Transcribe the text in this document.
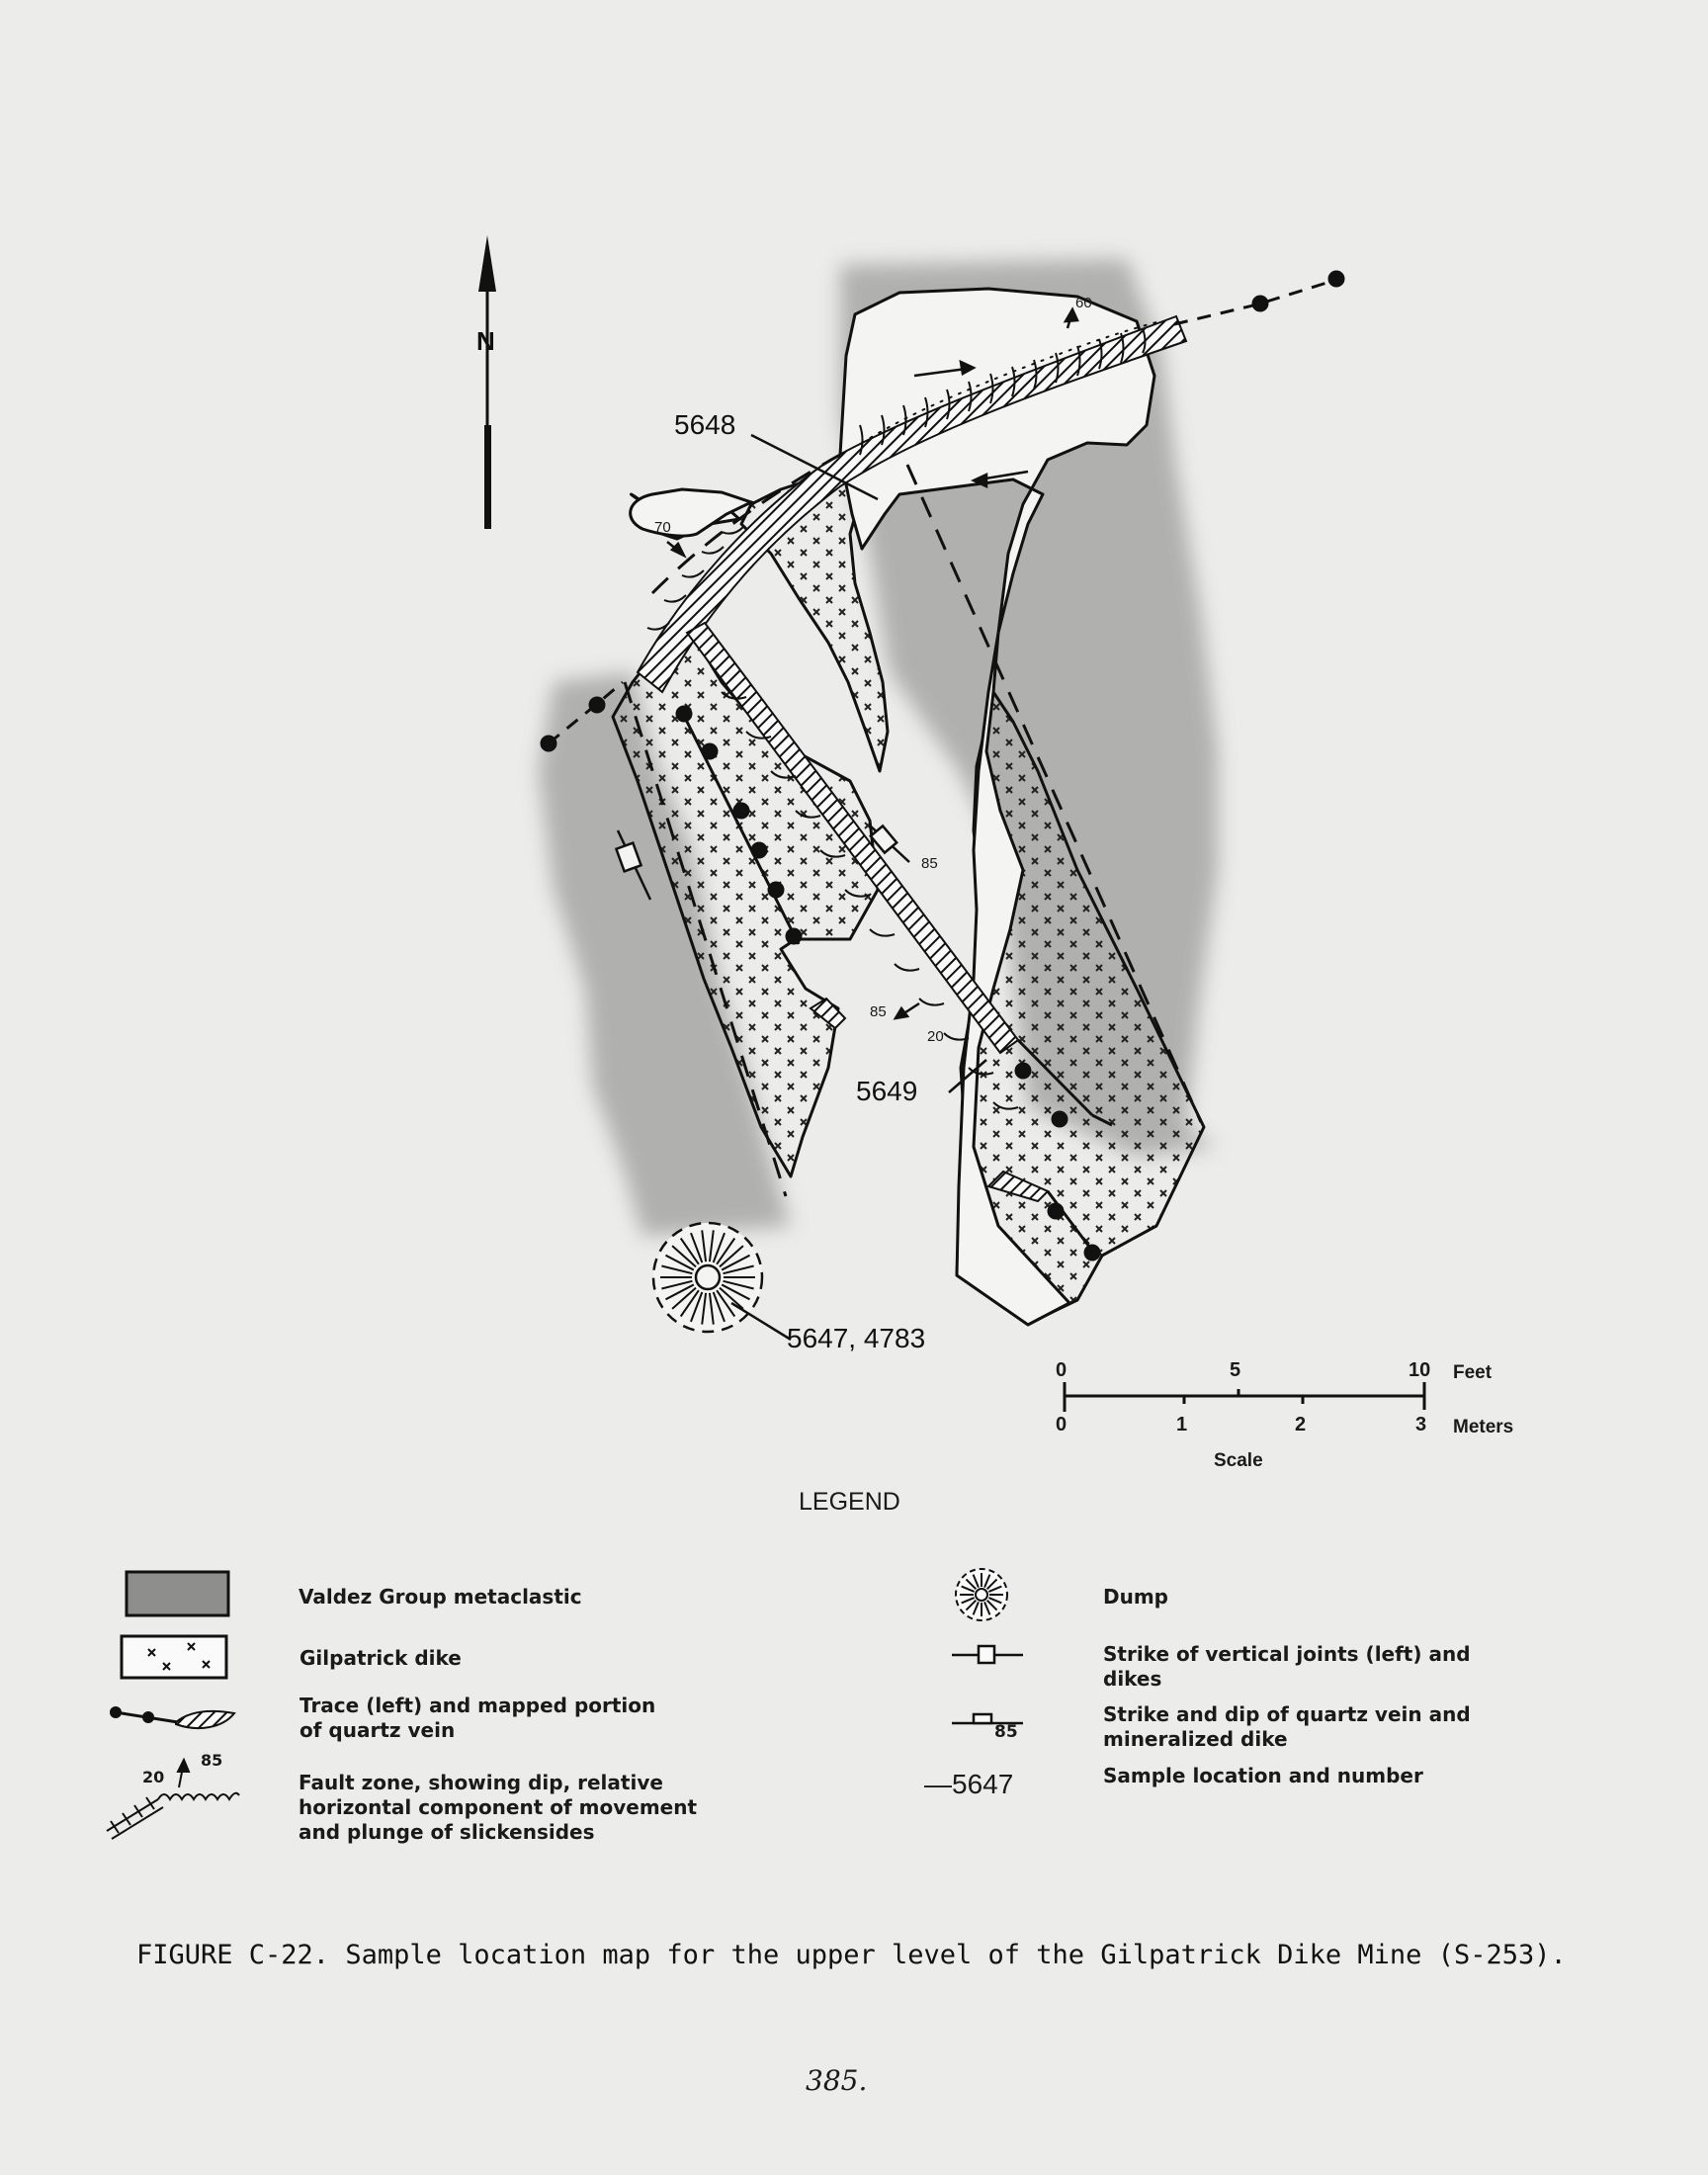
N
5648
5649
5647, 4783
60
70
85
85
20
0	5	10 Feet
0	1	2	3 Meters
Scale
LEGEND
Valdez Group metaclastic
Gilpatrick dike
Trace (left) and mapped portion
of quartz vein
Fault zone, showing dip, relative
horizontal component of movement
and plunge of slickensides
20
85
Dump
Strike of vertical joints (left) and
dikes
Strike and dip of quartz vein and
mineralized dike
85
Sample location and number
—5647
FIGURE C-22. Sample location map for the upper level of the Gilpatrick Dike Mine (S-253).
385.
